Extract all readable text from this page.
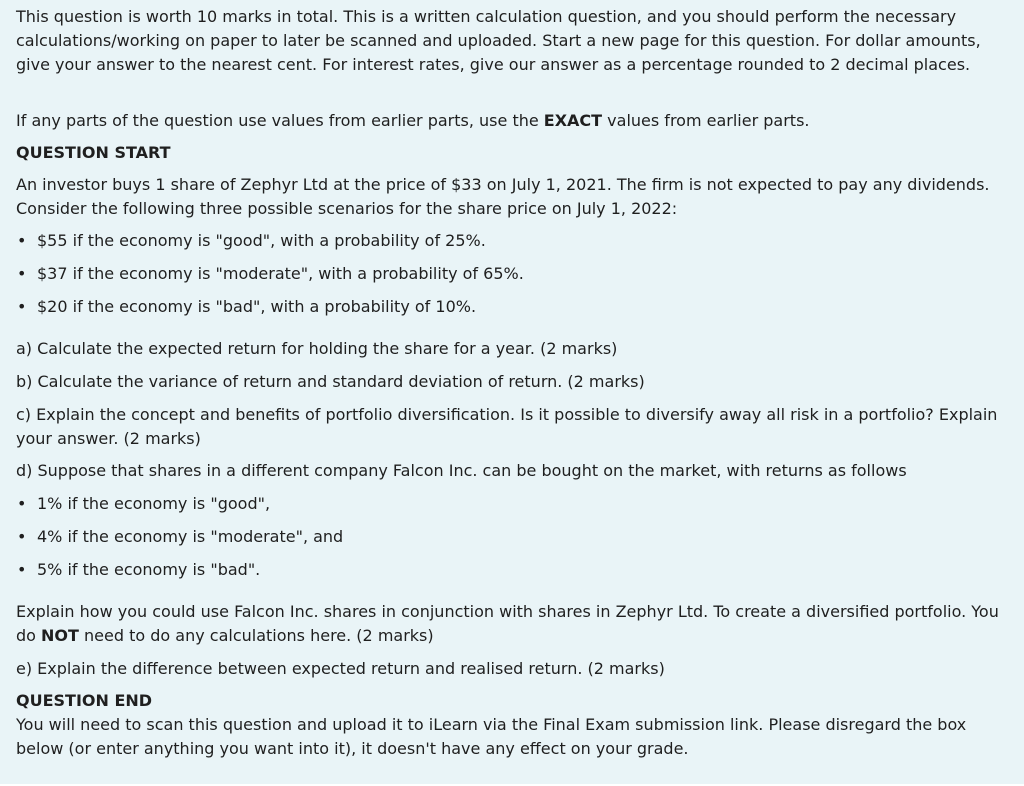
This question is worth 10 marks in total. This is a written calculation question, and you should perform the necessary calculations/working on paper to later be scanned and uploaded. Start a new page for this question. For dollar amounts, give your answer to the nearest cent. For interest rates, give our answer as a percentage rounded to 2 decimal places.

If any parts of the question use values from earlier parts, use the EXACT values from earlier parts.

QUESTION START

An investor buys 1 share of Zephyr Ltd at the price of $33 on July 1, 2021. The firm is not expected to pay any dividends. Consider the following three possible scenarios for the share price on July 1, 2022:

• $55 if the economy is "good", with a probability of 25%.
• $37 if the economy is "moderate", with a probability of 65%.
• $20 if the economy is "bad", with a probability of 10%.

a) Calculate the expected return for holding the share for a year. (2 marks)

b) Calculate the variance of return and standard deviation of return. (2 marks)

c) Explain the concept and benefits of portfolio diversification. Is it possible to diversify away all risk in a portfolio? Explain your answer. (2 marks)

d) Suppose that shares in a different company Falcon Inc. can be bought on the market, with returns as follows

• 1% if the economy is "good",
• 4% if the economy is "moderate", and
• 5% if the economy is "bad".

Explain how you could use Falcon Inc. shares in conjunction with shares in Zephyr Ltd. To create a diversified portfolio. You do NOT need to do any calculations here. (2 marks)

e) Explain the difference between expected return and realised return. (2 marks)

QUESTION END

You will need to scan this question and upload it to iLearn via the Final Exam submission link. Please disregard the box below (or enter anything you want into it), it doesn't have any effect on your grade.
